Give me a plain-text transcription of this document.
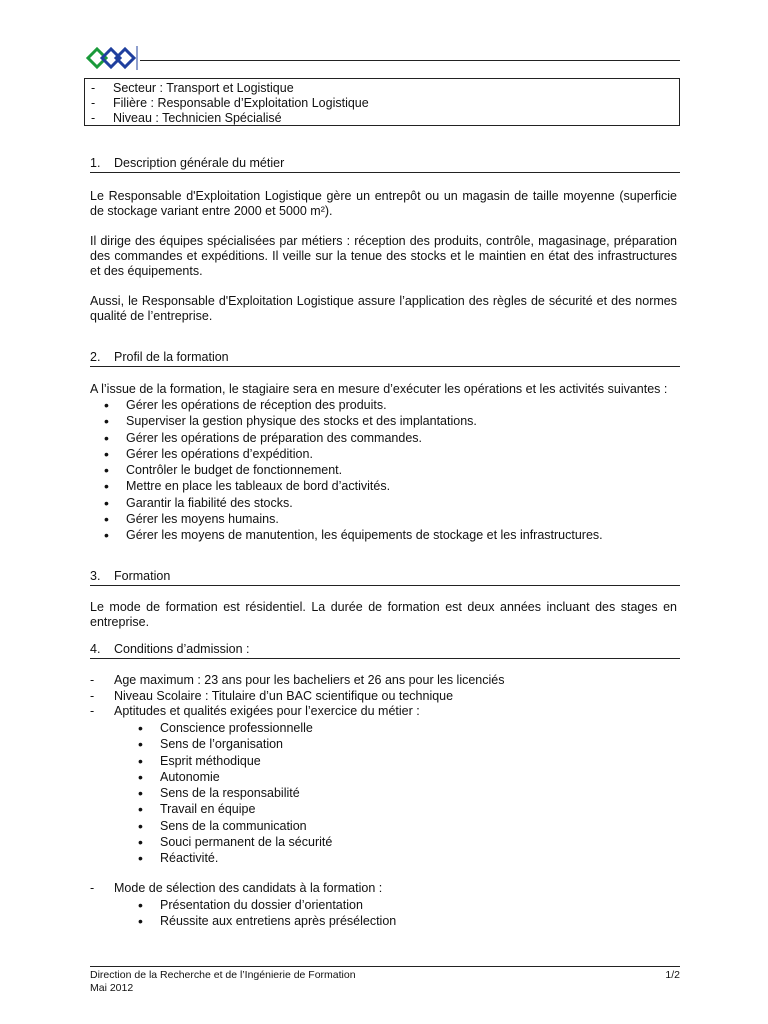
-	Secteur : Transport et Logistique
-	Filière : Responsable d’Exploitation Logistique
-	Niveau : Technicien Spécialisé
1.	Description générale du métier
Le Responsable d'Exploitation Logistique gère un entrepôt ou un magasin de taille moyenne (superficie de stockage variant entre 2000 et 5000 m²).
Il dirige des équipes spécialisées par métiers : réception des produits, contrôle, magasinage, préparation des commandes et expéditions. Il veille sur la tenue des stocks et le maintien en état des infrastructures et des équipements.
Aussi, le Responsable d'Exploitation Logistique assure l’application des règles de sécurité et des normes qualité de l’entreprise.
2.	Profil de la formation
A l’issue de la formation, le stagiaire sera en mesure d’exécuter les opérations et les activités suivantes :
• Gérer les opérations de réception des produits.
• Superviser la gestion physique des stocks et des implantations.
• Gérer les opérations de préparation des commandes.
• Gérer les opérations d’expédition.
• Contrôler le budget de fonctionnement.
• Mettre en place les tableaux de bord d’activités.
• Garantir la fiabilité des stocks.
• Gérer les moyens humains.
• Gérer les moyens de manutention, les équipements de stockage et les infrastructures.
3.	Formation
Le mode de formation est résidentiel. La durée de formation est deux années incluant des stages en entreprise.
4.	Conditions d’admission :
-	Age maximum : 23 ans pour les bacheliers et 26 ans pour les licenciés
-	Niveau Scolaire : Titulaire d’un BAC scientifique ou technique
-	Aptitudes et qualités exigées pour l’exercice du métier :
• Conscience professionnelle
• Sens de l’organisation
• Esprit méthodique
• Autonomie
• Sens de la responsabilité
• Travail en équipe
• Sens de la communication
• Souci permanent de la sécurité
• Réactivité.
-	Mode de sélection des candidats à la formation :
• Présentation du dossier d’orientation
• Réussite aux entretiens après présélection
Direction de la Recherche et de l’Ingénierie de Formation
Mai 2012
1/2
